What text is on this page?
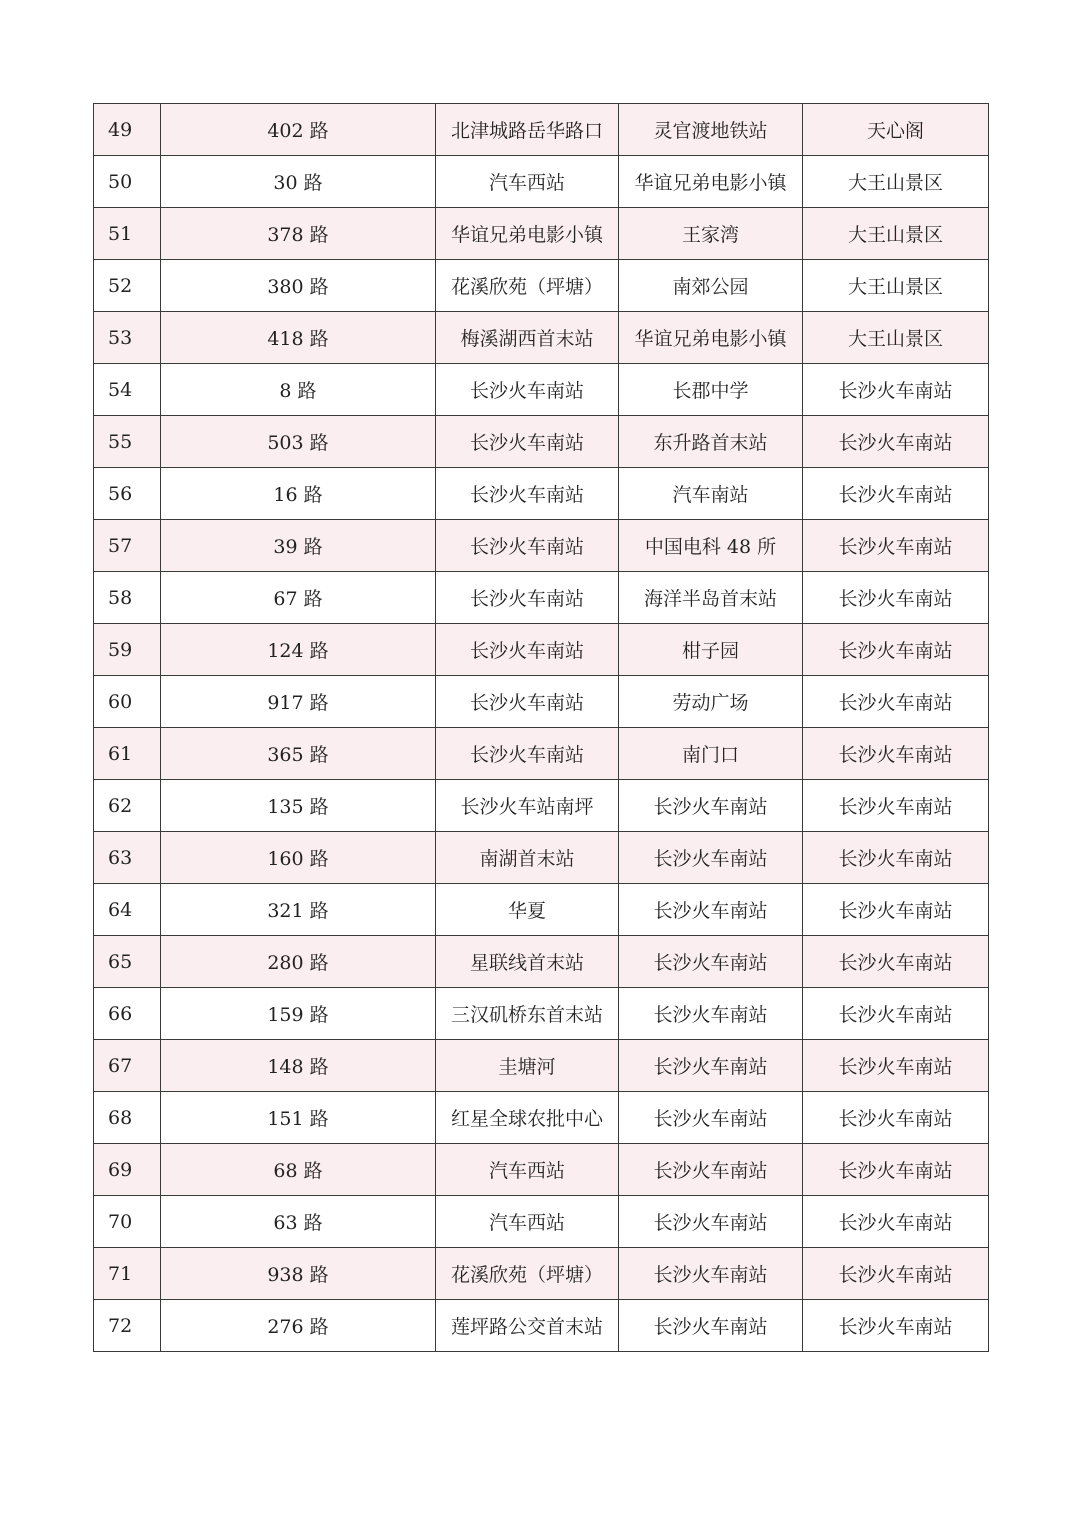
49	402 路	北津城路岳华路口	灵官渡地铁站	天心阁
50	30 路	汽车西站	华谊兄弟电影小镇	大王山景区
51	378 路	华谊兄弟电影小镇	王家湾	大王山景区
52	380 路	花溪欣苑（坪塘）	南郊公园	大王山景区
53	418 路	梅溪湖西首末站	华谊兄弟电影小镇	大王山景区
54	8 路	长沙火车南站	长郡中学	长沙火车南站
55	503 路	长沙火车南站	东升路首末站	长沙火车南站
56	16 路	长沙火车南站	汽车南站	长沙火车南站
57	39 路	长沙火车南站	中国电科 48 所	长沙火车南站
58	67 路	长沙火车南站	海洋半岛首末站	长沙火车南站
59	124 路	长沙火车南站	柑子园	长沙火车南站
60	917 路	长沙火车南站	劳动广场	长沙火车南站
61	365 路	长沙火车南站	南门口	长沙火车南站
62	135 路	长沙火车站南坪	长沙火车南站	长沙火车南站
63	160 路	南湖首末站	长沙火车南站	长沙火车南站
64	321 路	华夏	长沙火车南站	长沙火车南站
65	280 路	星联线首末站	长沙火车南站	长沙火车南站
66	159 路	三汉矶桥东首末站	长沙火车南站	长沙火车南站
67	148 路	圭塘河	长沙火车南站	长沙火车南站
68	151 路	红星全球农批中心	长沙火车南站	长沙火车南站
69	68 路	汽车西站	长沙火车南站	长沙火车南站
70	63 路	汽车西站	长沙火车南站	长沙火车南站
71	938 路	花溪欣苑（坪塘）	长沙火车南站	长沙火车南站
72	276 路	莲坪路公交首末站	长沙火车南站	长沙火车南站
